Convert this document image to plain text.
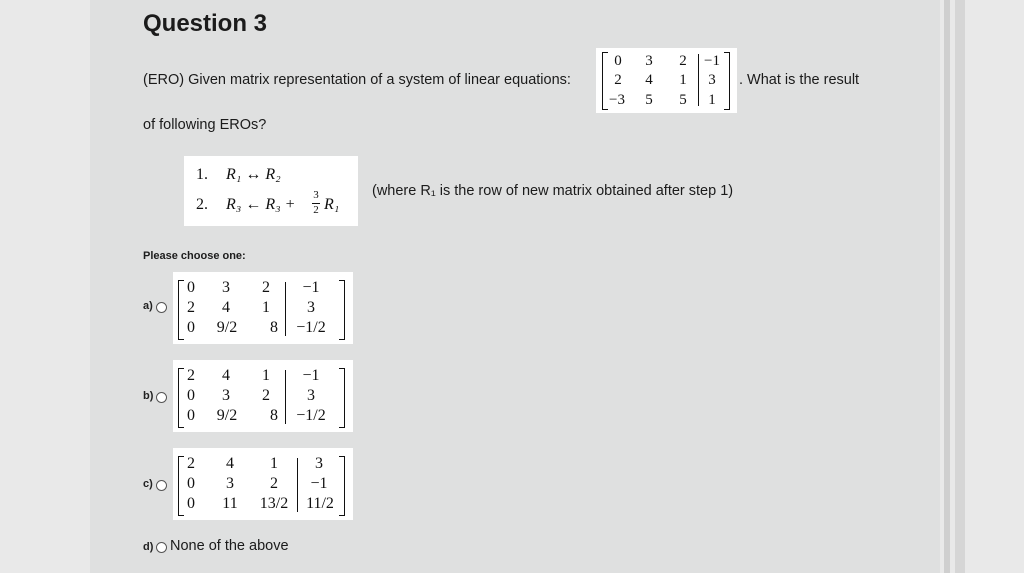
Question 3
(ERO) Given matrix representation of a system of linear equations:
0 3 2 −1
2 4 1	3
−3 5 5	1
. What is the result
of following EROs?
1. R₁ ↔ R₂
2. R₃ ← R₃ +
3
2 R₁
(where R₁ is the row of new matrix obtained after step 1)
Please choose one:
a)
0	3	2	−1
2	4	1	3
0	9/2	8	−1/2
b)
2	4	1	−1
0	3	2	3
0	9/2	8	−1/2
c)
2	4	1	3
0	3	2	−1
0	11	13/2	11/2
d) None of the above
